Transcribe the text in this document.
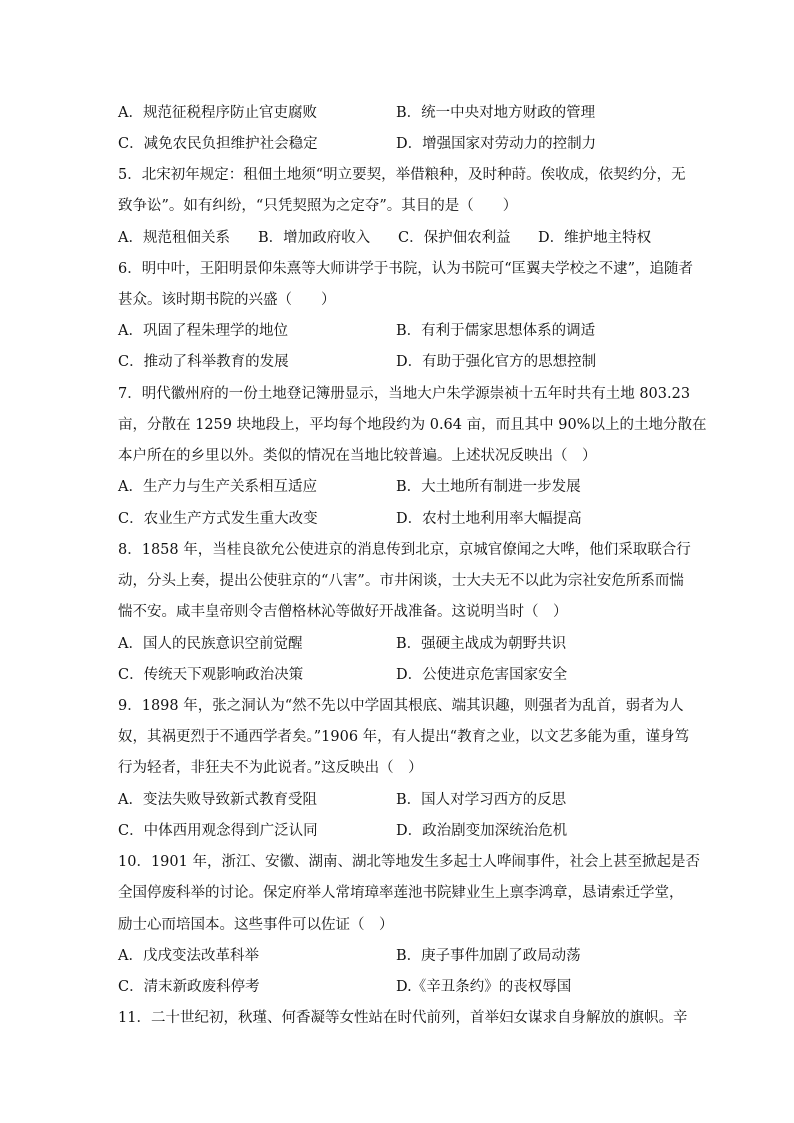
A．规范征税程序防止官吏腐败	B．统一中央对地方财政的管理
C．减免农民负担维护社会稳定	D．增强国家对劳动力的控制力
5．北宋初年规定：租佃土地须“明立要契，举借粮种，及时种莳。俟收成，依契约分，无
致争讼”。如有纠纷，“只凭契照为之定夺”。其目的是（　　）
A．规范租佃关系 B．增加政府收入 C．保护佃农利益 D．维护地主特权
6．明中叶，王阳明景仰朱熹等大师讲学于书院，认为书院可“匡翼夫学校之不逮”，追随者
甚众。该时期书院的兴盛（　　）
A．巩固了程朱理学的地位	B．有利于儒家思想体系的调适
C．推动了科举教育的发展	D．有助于强化官方的思想控制
7．明代徽州府的一份土地登记簿册显示，当地大户朱学源崇祯十五年时共有土地 803.23
亩，分散在 1259 块地段上，平均每个地段约为 0.64 亩，而且其中 90%以上的土地分散在
本户所在的乡里以外。类似的情况在当地比较普遍。上述状况反映出（　）
A．生产力与生产关系相互适应	B．大土地所有制进一步发展
C．农业生产方式发生重大改变	D．农村土地利用率大幅提高
8．1858 年，当桂良欲允公使进京的消息传到北京，京城官僚闻之大哗，他们采取联合行
动，分头上奏，提出公使驻京的“八害”。市井闲谈，士大夫无不以此为宗社安危所系而惴
惴不安。咸丰皇帝则令吉僧格林沁等做好开战准备。这说明当时（　）
A．国人的民族意识空前觉醒	B．强硬主战成为朝野共识
C．传统天下观影响政治决策	D．公使进京危害国家安全
9．1898 年，张之洞认为“然不先以中学固其根底、端其识趣，则强者为乱首，弱者为人
奴，其祸更烈于不通西学者矣。”1906 年，有人提出“教育之业，以文艺多能为重，谨身笃
行为轻者，非狂夫不为此说者。”这反映出（　）
A．变法失败导致新式教育受阻	B．国人对学习西方的反思
C．中体西用观念得到广泛认同	D．政治剧变加深统治危机
10．1901 年，浙江、安徽、湖南、湖北等地发生多起士人哗闹事件，社会上甚至掀起是否
全国停废科举的讨论。保定府举人常堉璋率莲池书院肄业生上禀李鸿章，恳请索迁学堂，
励士心而培国本。这些事件可以佐证（　）
A．戊戌变法改革科举	B．庚子事件加剧了政局动荡
C．清末新政废科停考	D.《辛丑条约》的丧权辱国
11．二十世纪初，秋瑾、何香凝等女性站在时代前列，首举妇女谋求自身解放的旗帜。辛
